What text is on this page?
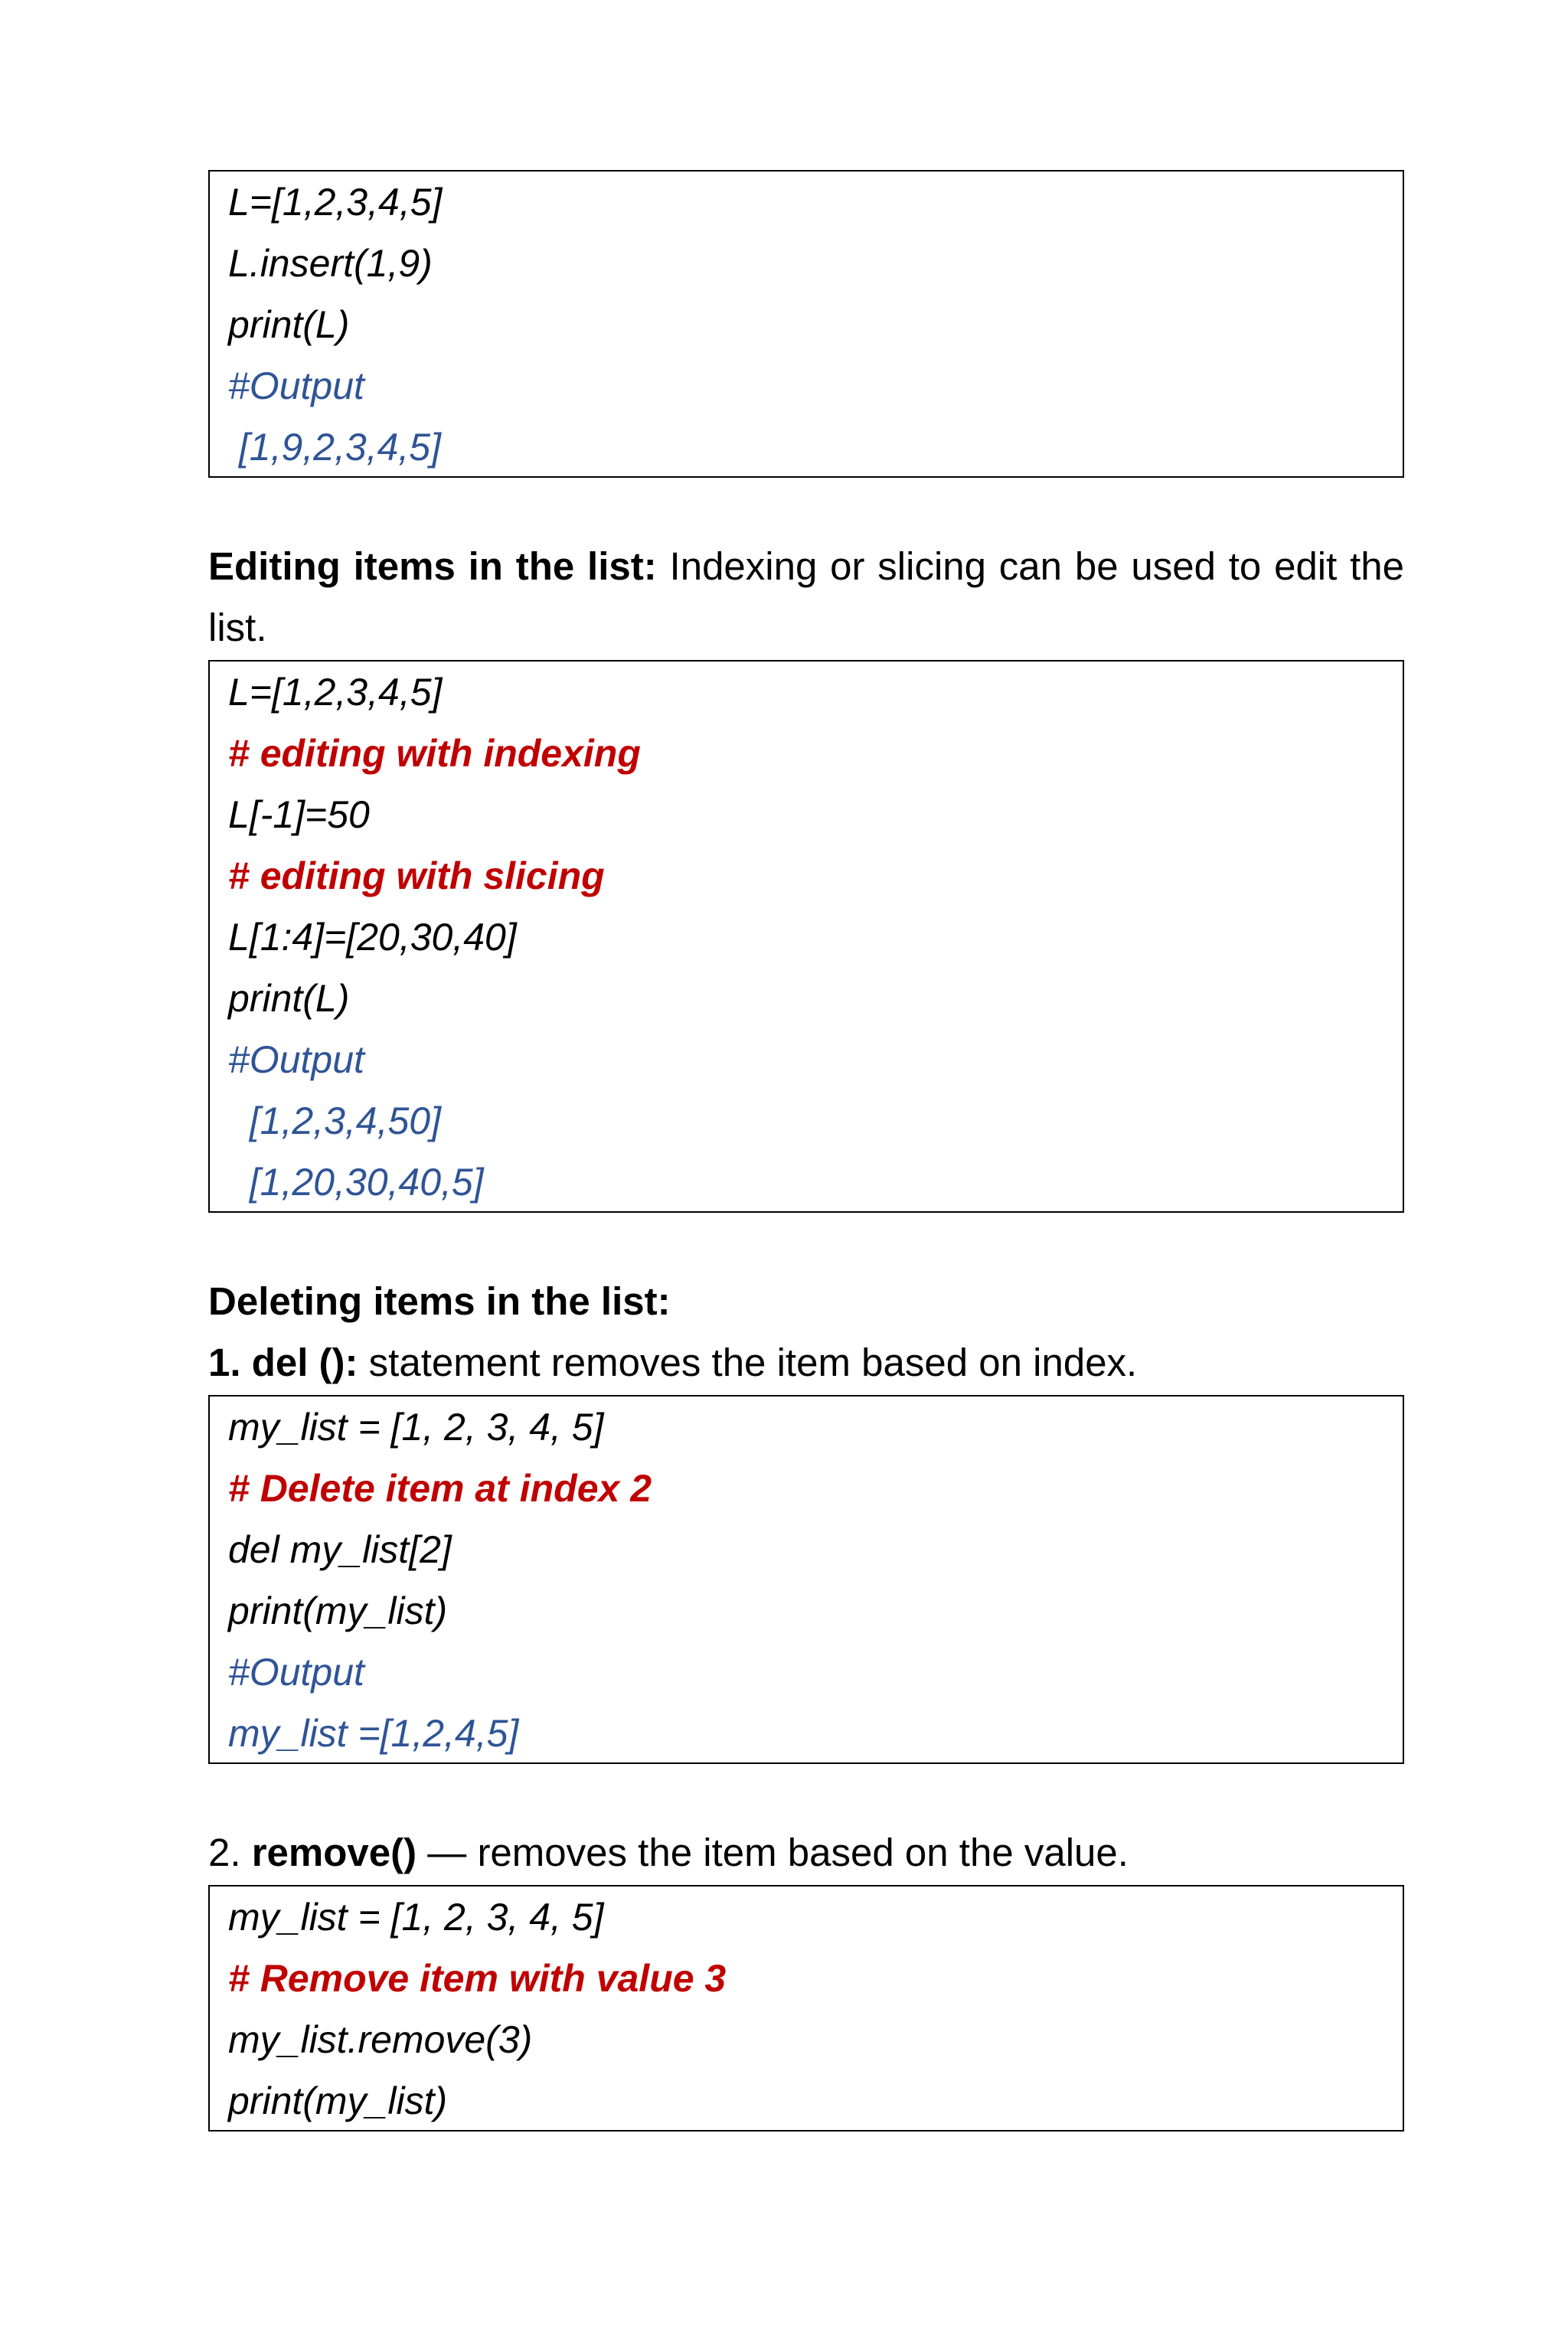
L=[1,2,3,4,5]
L.insert(1,9)
print(L)
#Output
[1,9,2,3,4,5]
Editing items in the list: Indexing or slicing can be used to edit the
list.
L=[1,2,3,4,5]
# editing with indexing
L[-1]=50
# editing with slicing
L[1:4]=[20,30,40]
print(L)
#Output
[1,2,3,4,50]
[1,20,30,40,5]
Deleting items in the list:
1. del (): statement removes the item based on index.
my_list = [1, 2, 3, 4, 5]
# Delete item at index 2
del my_list[2]
print(my_list)
#Output
my_list =[1,2,4,5]
2. remove() — removes the item based on the value.
my_list = [1, 2, 3, 4, 5]
# Remove item with value 3
my_list.remove(3)
print(my_list)
